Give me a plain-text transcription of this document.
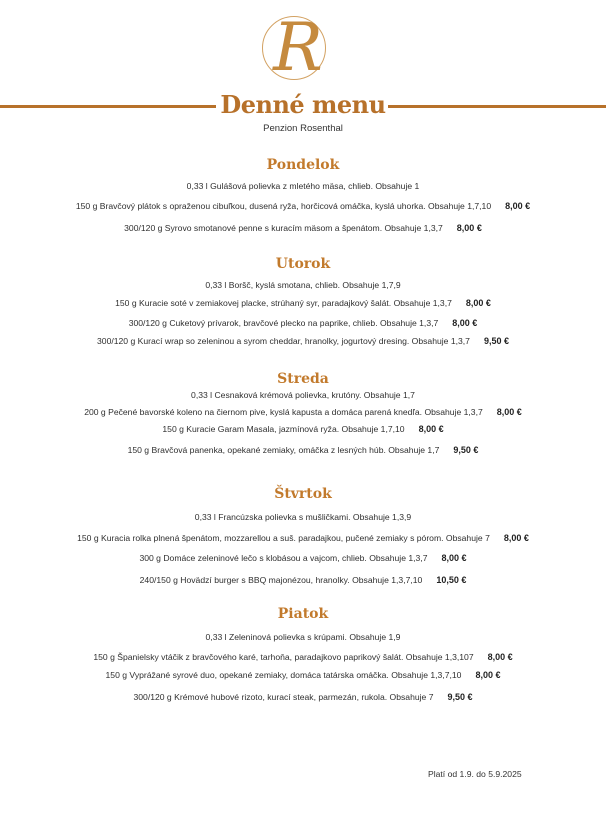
R
Denné menu
Penzion Rosenthal
Pondelok
0,33 l Gulášová polievka z mletého mäsa, chlieb. Obsahuje 1
150 g Bravčový plátok s opraženou cibuľkou, dusená ryža, horčicová omáčka, kyslá uhorka. Obsahuje 1,7,10 8,00 €
300/120 g Syrovo smotanové penne s kuracím mäsom a špenátom. Obsahuje 1,3,7 8,00 €
Utorok
0,33 l Boršč, kyslá smotana, chlieb. Obsahuje 1,7,9
150 g Kuracie soté v zemiakovej placke, strúhaný syr, paradajkový šalát. Obsahuje 1,3,7 8,00 €
300/120 g Cuketový prívarok, bravčové plecko na paprike, chlieb. Obsahuje 1,3,7 8,00 €
300/120 g Kurací wrap so zeleninou a syrom cheddar, hranolky, jogurtový dresing. Obsahuje 1,3,7 9,50 €
Streda
0,33 l Cesnaková krémová polievka, krutóny. Obsahuje 1,7
200 g Pečené bavorské koleno na čiernom pive, kyslá kapusta a domáca parená knedľa. Obsahuje 1,3,7 8,00 €
150 g Kuracie Garam Masala, jazmínová ryža. Obsahuje 1,7,10 8,00 €
150 g Bravčová panenka, opekané zemiaky, omáčka z lesných húb. Obsahuje 1,7 9,50 €
Štvrtok
0,33 l Francúzska polievka s mušličkami. Obsahuje 1,3,9
150 g Kuracia rolka plnená špenátom, mozzarellou a suš. paradajkou, pučené zemiaky s pórom. Obsahuje 7 8,00 €
300 g Domáce zeleninové lečo s klobásou a vajcom, chlieb. Obsahuje 1,3,7 8,00 €
240/150 g Hovädzí burger s BBQ majonézou, hranolky. Obsahuje 1,3,7,10 10,50 €
Piatok
0,33 l Zeleninová polievka s krúpami. Obsahuje 1,9
150 g Španielsky vtáčik z bravčového karé, tarhoňa, paradajkovo paprikový šalát. Obsahuje 1,3,107 8,00 €
150 g Vyprážané syrové duo, opekané zemiaky, domáca tatárska omáčka. Obsahuje 1,3,7,10 8,00 €
300/120 g Krémové hubové rizoto, kurací steak, parmezán, rukola. Obsahuje 7 9,50 €
Platí od 1.9. do 5.9.2025
